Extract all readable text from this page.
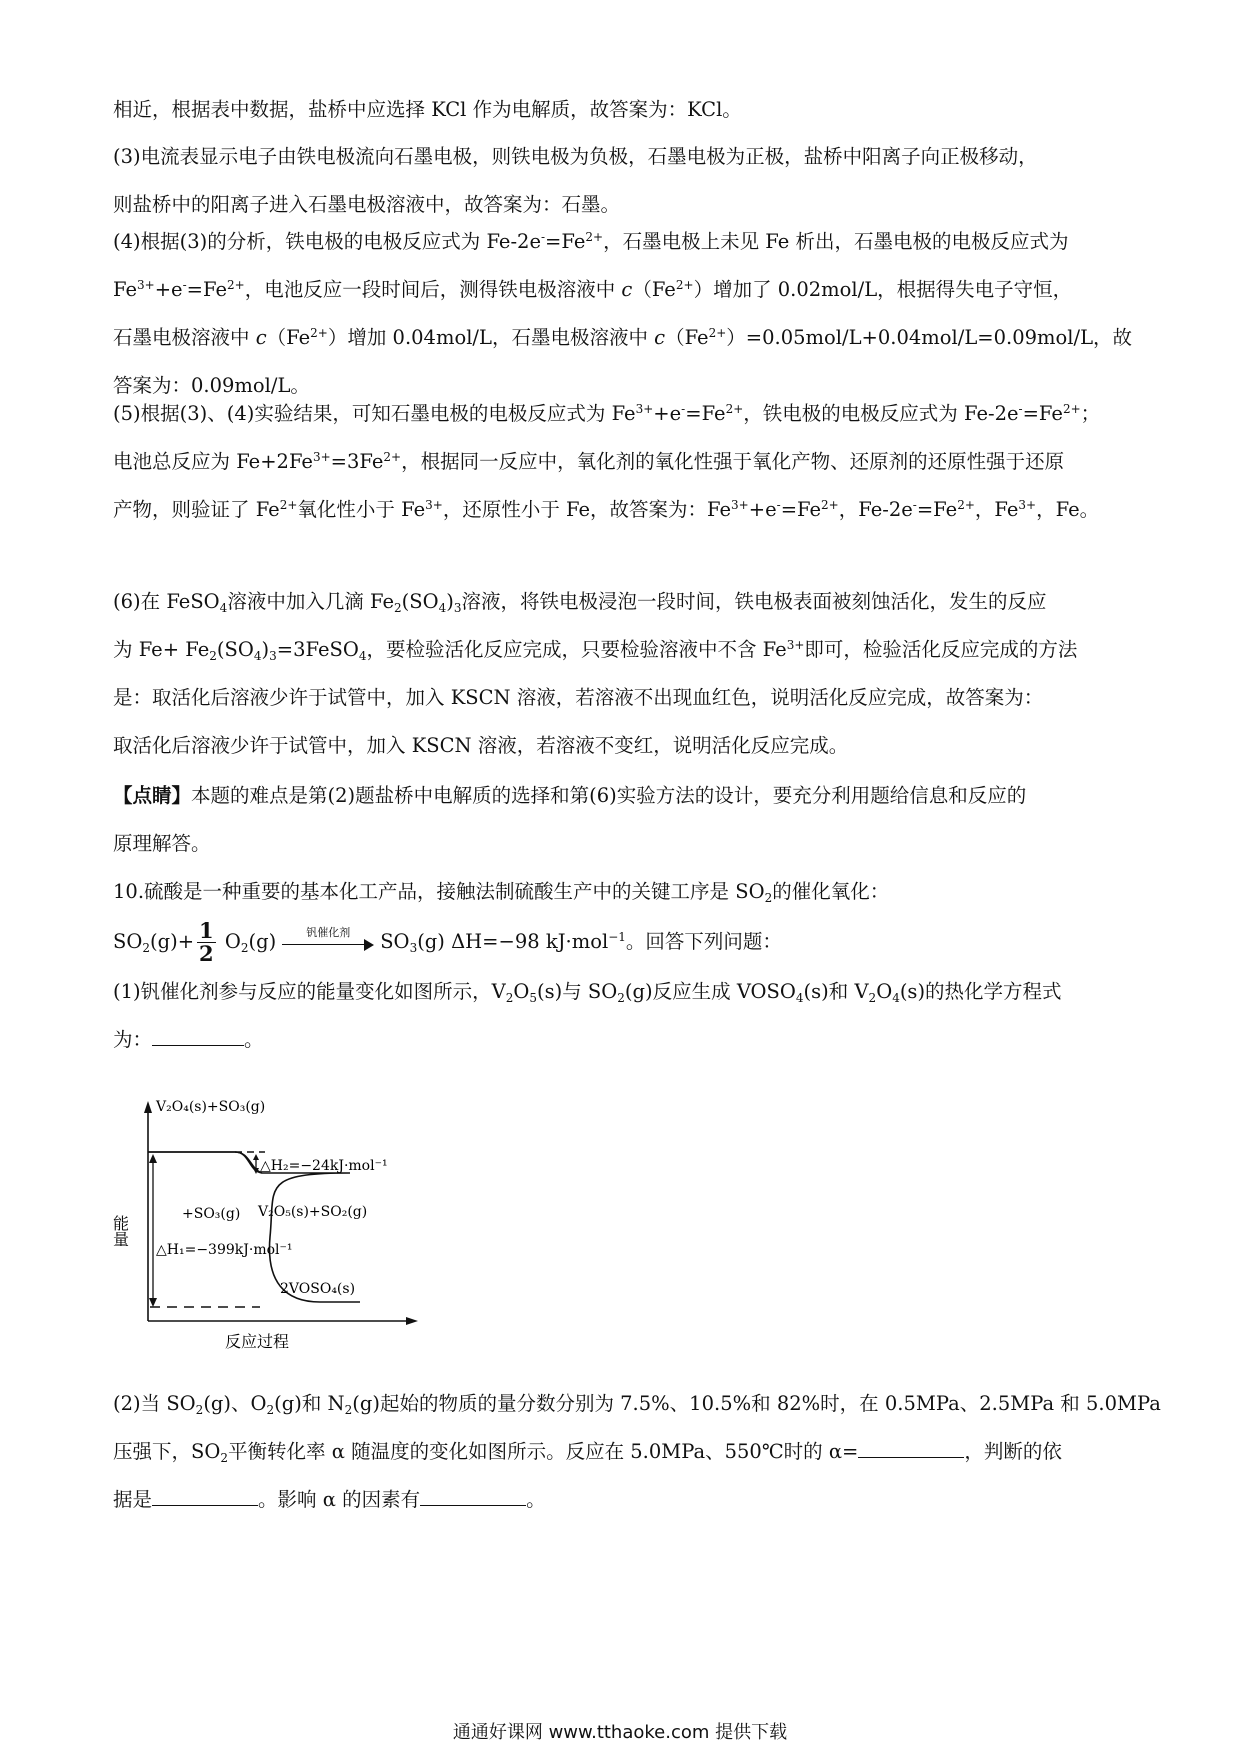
相近，根据表中数据，盐桥中应选择 KCl 作为电解质，故答案为：KCl。
(3)电流表显示电子由铁电极流向石墨电极，则铁电极为负极，石墨电极为正极，盐桥中阳离子向正极移动，
则盐桥中的阳离子进入石墨电极溶液中，故答案为：石墨。
(4)根据(3)的分析，铁电极的电极反应式为 $Fe-2e^-=Fe^{2+}$，石墨电极上未见 Fe 析出，石墨电极的电极反应式为
$Fe^{3+}+e^-=Fe^{2+}$，电池反应一段时间后，测得铁电极溶液中 $c(Fe^{2+})$增加了 0.02mol/L，根据得失电子守恒，
石墨电极溶液中 $c(Fe^{2+})$增加 0.04mol/L，石墨电极溶液中 $c(Fe^{2+})=0.05mol/L+0.04mol/L=0.09mol/L$，故
答案为：0.09mol/L。
(5)根据(3)、(4)实验结果，可知石墨电极的电极反应式为 $Fe^{3+}+e^-=Fe^{2+}$，铁电极的电极反应式为 $Fe-2e^-=Fe^{2+}$；
电池总反应为 $Fe+2Fe^{3+}=3Fe^{2+}$，根据同一反应中，氧化剂的氧化性强于氧化产物、还原剂的还原性强于还原
产物，则验证了 $Fe^{2+}$氧化性小于 $Fe^{3+}$，还原性小于 Fe，故答案为：$Fe^{3+}+e^-=Fe^{2+}$，$Fe-2e^-=Fe^{2+}$，$Fe^{3+}$，Fe。
(6)在 FeSO$_4$溶液中加入几滴 $Fe_2(SO_4)_3$溶液，将铁电极浸泡一段时间，铁电极表面被刻蚀活化，发生的反应
为 $Fe+ Fe_2(SO_4)_3=3FeSO_4$，要检验活化反应完成，只要检验溶液中不含 $Fe^{3+}$即可，检验活化反应完成的方法
是：取活化后溶液少许于试管中，加入 KSCN 溶液，若溶液不出现血红色，说明活化反应完成，故答案为：
取活化后溶液少许于试管中，加入 KSCN 溶液，若溶液不变红，说明活化反应完成。
【点睛】本题的难点是第(2)题盐桥中电解质的选择和第(6)实验方法的设计，要充分利用题给信息和反应的
原理解答。
10.硫酸是一种重要的基本化工产品，接触法制硫酸生产中的关键工序是 $SO_2$的催化氧化：
$SO_2(g)+ \frac{1}{2} O_2(g)$	钒催化剂	$SO_3(g)$ ΔH=−98 kJ·mol$^{-1}$。回答下列问题：
(1)钒催化剂参与反应的能量变化如图所示，$V_2O_5(s)$与 $SO_2(g)$反应生成 $VOSO_4(s)$和 $V_2O_4(s)$的热化学方程式
为：	。
V₂O₄(s)+SO₃(g)
△H₂=−24kJ·mol⁻¹
+SO₃(g) V₂O₅(s)+SO₂(g)
△H₁=−399kJ·mol⁻¹
2VOSO₄(s)
能量
反应过程
(2)当 $SO_2(g)$、$O_2(g)$和 $N_2(g)$起始的物质的量分数分别为 7.5%、10.5%和 82%时，在 0.5MPa、2.5MPa 和 5.0MPa
压强下，$SO_2$平衡转化率 α 随温度的变化如图所示。反应在 5.0MPa、550℃时的 α=	，判断的依
据是	。影响 α 的因素有	。
通通好课网 www.tthaoke.com 提供下载
